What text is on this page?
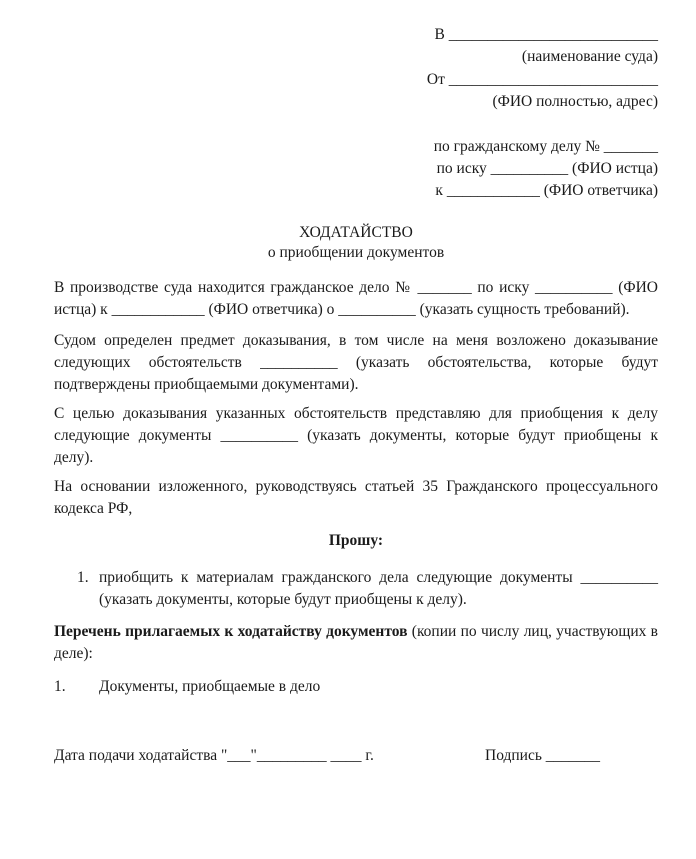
В ___________________________
(наименование суда)
От ___________________________
(ФИО полностью, адрес)
по гражданскому делу № _______
по иску __________ (ФИО истца)
к ____________ (ФИО ответчика)
ХОДАТАЙСТВО
о приобщении документов
В производстве суда находится гражданское дело № _______ по иску __________ (ФИО истца) к ____________ (ФИО ответчика) о __________ (указать сущность требований).
Судом определен предмет доказывания, в том числе на меня возложено доказывание следующих обстоятельств __________ (указать обстоятельства, которые будут подтверждены приобщаемыми документами).
С целью доказывания указанных обстоятельств представляю для приобщения к делу следующие документы __________ (указать документы, которые будут приобщены к делу).
На основании изложенного, руководствуясь статьей 35 Гражданского процессуального кодекса РФ,
Прошу:
1. приобщить к материалам гражданского дела следующие документы __________ (указать документы, которые будут приобщены к делу).
Перечень прилагаемых к ходатайству документов (копии по числу лиц, участвующих в деле):
1. Документы, приобщаемые в дело
Дата подачи ходатайства "___"_________ ____ г.	Подпись _______
